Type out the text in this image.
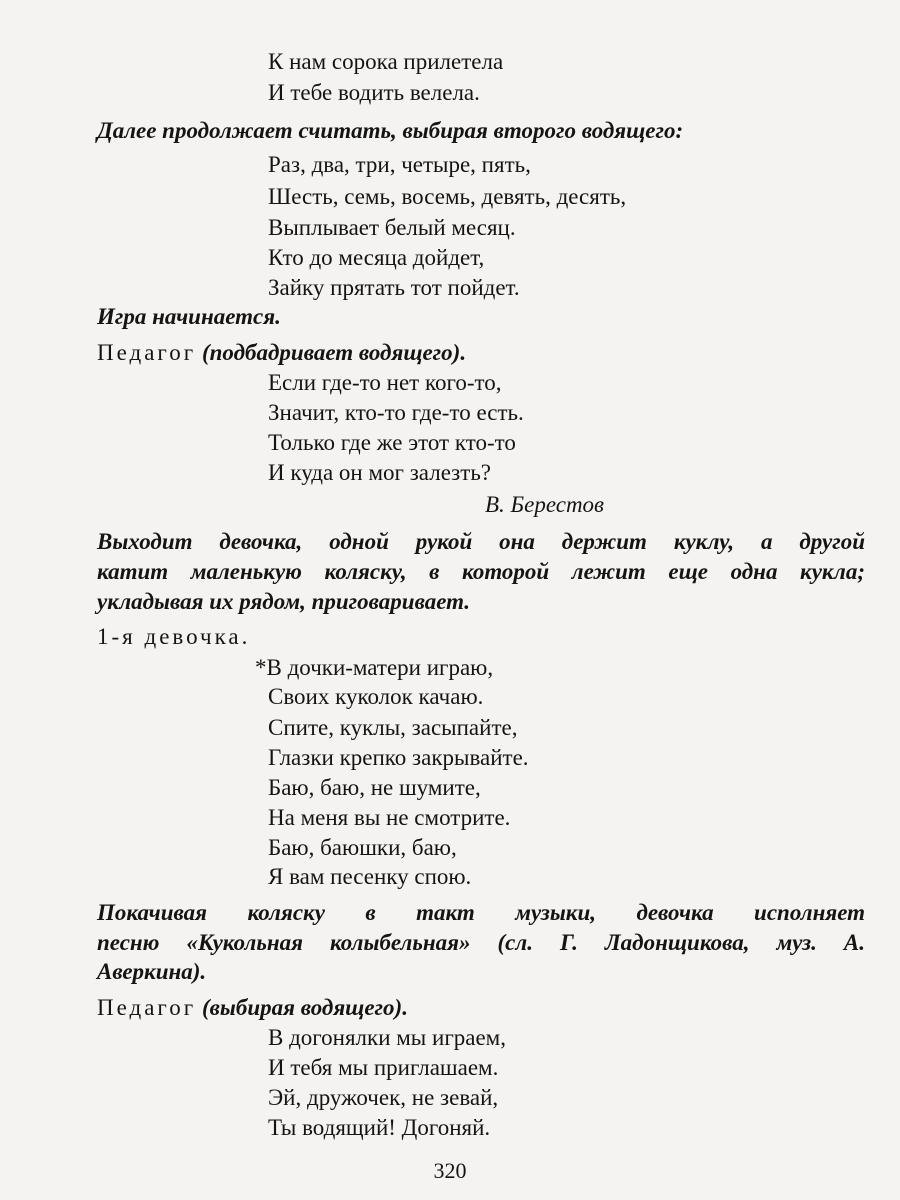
К нам сорока прилетела
И тебе водить велела.
Далее продолжает считать, выбирая второго водящего:
Раз, два, три, четыре, пять,
Шесть, семь, восемь, девять, десять,
Выплывает белый месяц.
Кто до месяца дойдет,
Зайку прятать тот пойдет.
Игра начинается.
Педагог (подбадривает водящего).
Если где-то нет кого-то,
Значит, кто-то где-то есть.
Только где же этот кто-то
И куда он мог залезть?
В. Берестов
Выходит девочка, одной рукой она держит куклу, а другой
катит маленькую коляску, в которой лежит еще одна кукла;
укладывая их рядом, приговаривает.
1-я девочка.
*В дочки-матери играю,
Своих куколок качаю.
Спите, куклы, засыпайте,
Глазки крепко закрывайте.
Баю, баю, не шумите,
На меня вы не смотрите.
Баю, баюшки, баю,
Я вам песенку спою.
Покачивая коляску в такт музыки, девочка исполняет
песню «Кукольная колыбельная» (сл. Г. Ладонщикова, муз. А.
Аверкина).
Педагог (выбирая водящего).
В догонялки мы играем,
И тебя мы приглашаем.
Эй, дружочек, не зевай,
Ты водящий! Догоняй.
320
